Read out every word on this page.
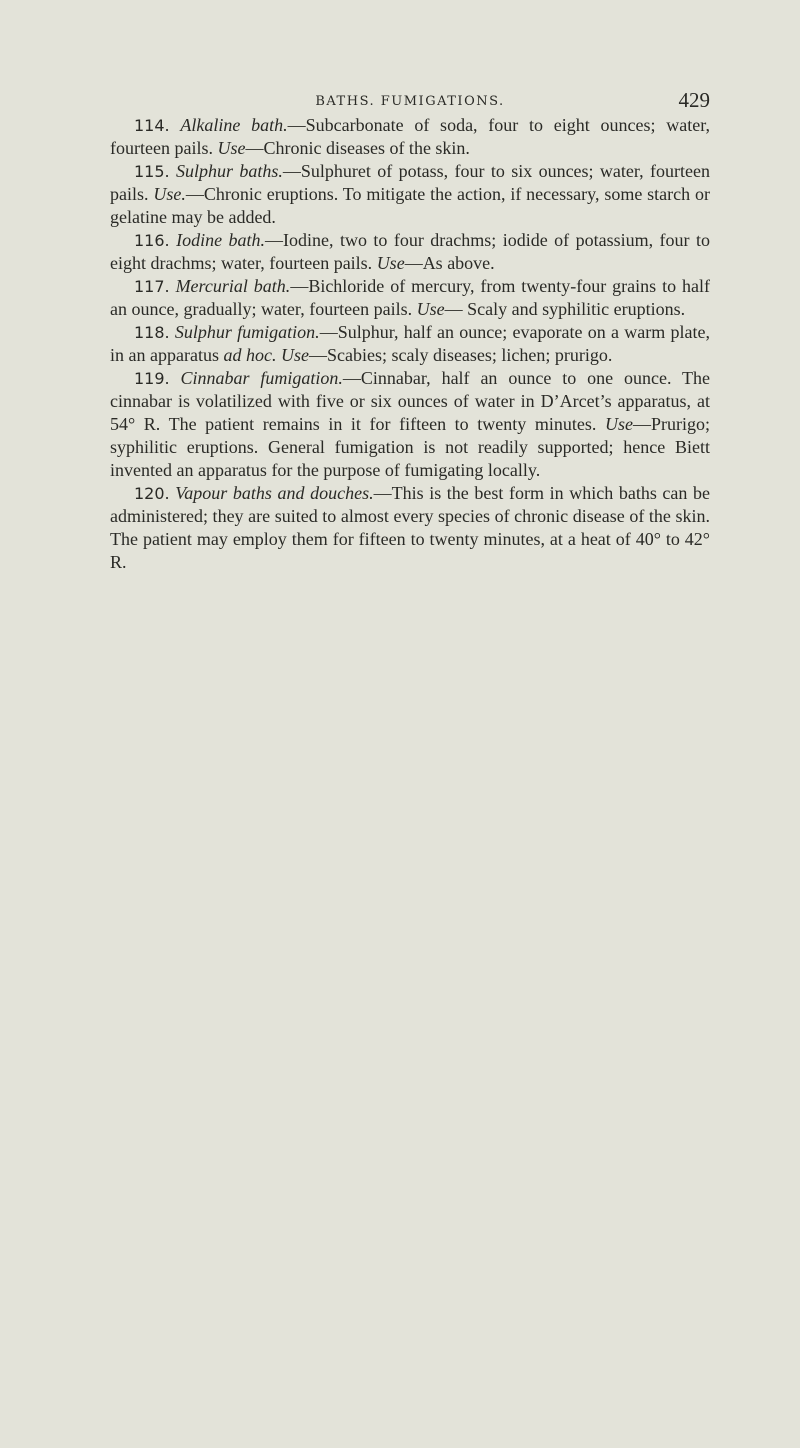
BATHS. FUMIGATIONS.	429

114. Alkaline bath.—Subcarbonate of soda, four to eight ounces; water, fourteen pails. Use—Chronic diseases of the skin.

115. Sulphur baths.—Sulphuret of potass, four to six ounces; water, fourteen pails. Use.—Chronic eruptions. To mitigate the action, if necessary, some starch or gelatine may be added.

116. Iodine bath.—Iodine, two to four drachms; iodide of potassium, four to eight drachms; water, fourteen pails. Use—As above.

117. Mercurial bath.—Bichloride of mercury, from twenty-four grains to half an ounce, gradually; water, fourteen pails. Use— Scaly and syphilitic eruptions.

118. Sulphur fumigation.—Sulphur, half an ounce; evaporate on a warm plate, in an apparatus ad hoc. Use—Scabies; scaly diseases; lichen; prurigo.

119. Cinnabar fumigation.—Cinnabar, half an ounce to one ounce. The cinnabar is volatilized with five or six ounces of water in D’Arcet’s apparatus, at 54° R. The patient remains in it for fifteen to twenty minutes. Use—Prurigo; syphilitic eruptions. General fumigation is not readily supported; hence Biett invented an apparatus for the purpose of fumigating locally.

120. Vapour baths and douches.—This is the best form in which baths can be administered; they are suited to almost every species of chronic disease of the skin. The patient may employ them for fifteen to twenty minutes, at a heat of 40° to 42° R.
